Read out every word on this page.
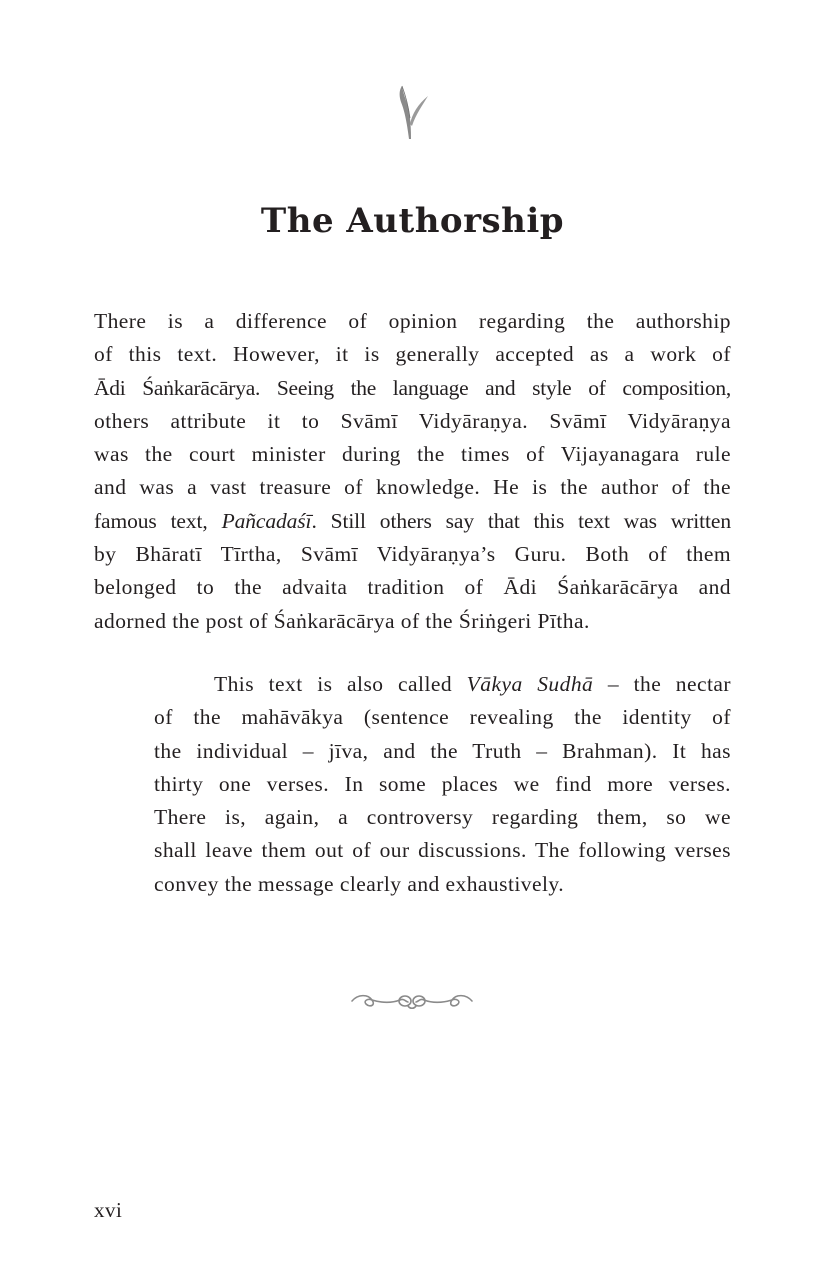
The Authorship
There is a difference of opinion regarding the authorship
of this text. However, it is generally accepted as a work of
Ādi Śaṅkarācārya. Seeing the language and style of composition,
others attribute it to Svāmī Vidyāraṇya. Svāmī Vidyāraṇya
was the court minister during the times of Vijayanagara rule
and was a vast treasure of knowledge. He is the author of the
famous text, Pañcadaśī. Still others say that this text was written
by Bhāratī Tīrtha, Svāmī Vidyāraṇya’s Guru. Both of them
belonged to the advaita tradition of Ādi Śaṅkarācārya and
adorned the post of Śaṅkarācārya of the Śriṅgeri Pītha.
This text is also called Vākya Sudhā – the nectar
of the mahāvākya (sentence revealing the identity of
the individual – jīva, and the Truth – Brahman). It has
thirty one verses. In some places we find more verses.
There is, again, a controversy regarding them, so we
shall leave them out of our discussions. The following verses
convey the message clearly and exhaustively.
xvi
